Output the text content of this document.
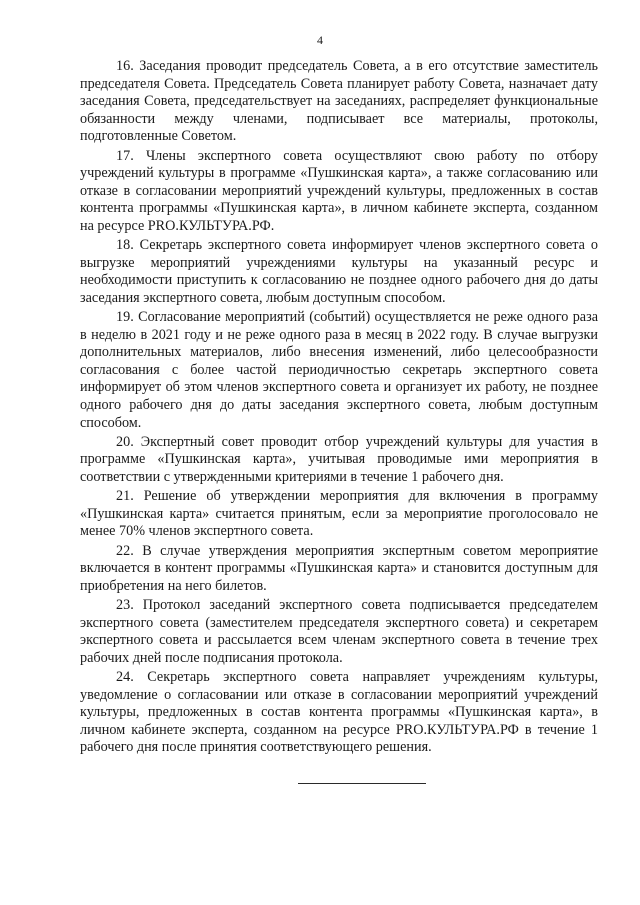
4

16. Заседания проводит председатель Совета, а в его отсутствие заместитель председателя Совета. Председатель Совета планирует работу Совета, назначает дату заседания Совета, председательствует на заседаниях, распределяет функциональные обязанности между членами, подписывает все материалы, протоколы, подготовленные Советом.

17. Члены экспертного совета осуществляют свою работу по отбору учреждений культуры в программе «Пушкинская карта», а также согласованию или отказе в согласовании мероприятий учреждений культуры, предложенных в состав контента программы «Пушкинская карта», в личном кабинете эксперта, созданном на ресурсе PRO.КУЛЬТУРА.РФ.

18. Секретарь экспертного совета информирует членов экспертного совета о выгрузке мероприятий учреждениями культуры на указанный ресурс и необходимости приступить к согласованию не позднее одного рабочего дня до даты заседания экспертного совета, любым доступным способом.

19. Согласование мероприятий (событий) осуществляется не реже одного раза в неделю в 2021 году и не реже одного раза в месяц в 2022 году. В случае выгрузки дополнительных материалов, либо внесения изменений, либо целесообразности согласования с более частой периодичностью секретарь экспертного совета информирует об этом членов экспертного совета и организует их работу, не позднее одного рабочего дня до даты заседания экспертного совета, любым доступным способом.

20. Экспертный совет проводит отбор учреждений культуры для участия в программе «Пушкинская карта», учитывая проводимые ими мероприятия в соответствии с утвержденными критериями в течение 1 рабочего дня.

21. Решение об утверждении мероприятия для включения в программу «Пушкинская карта» считается принятым, если за мероприятие проголосовало не менее 70% членов экспертного совета.

22. В случае утверждения мероприятия экспертным советом мероприятие включается в контент программы «Пушкинская карта» и становится доступным для приобретения на него билетов.

23. Протокол заседаний экспертного совета подписывается председателем экспертного совета (заместителем председателя экспертного совета) и секретарем экспертного совета и рассылается всем членам экспертного совета в течение трех рабочих дней после подписания протокола.

24. Секретарь экспертного совета направляет учреждениям культуры, уведомление о согласовании или отказе в согласовании мероприятий учреждений культуры, предложенных в состав контента программы «Пушкинская карта», в личном кабинете эксперта, созданном на ресурсе PRO.КУЛЬТУРА.РФ в течение 1 рабочего дня после принятия соответствующего решения.
